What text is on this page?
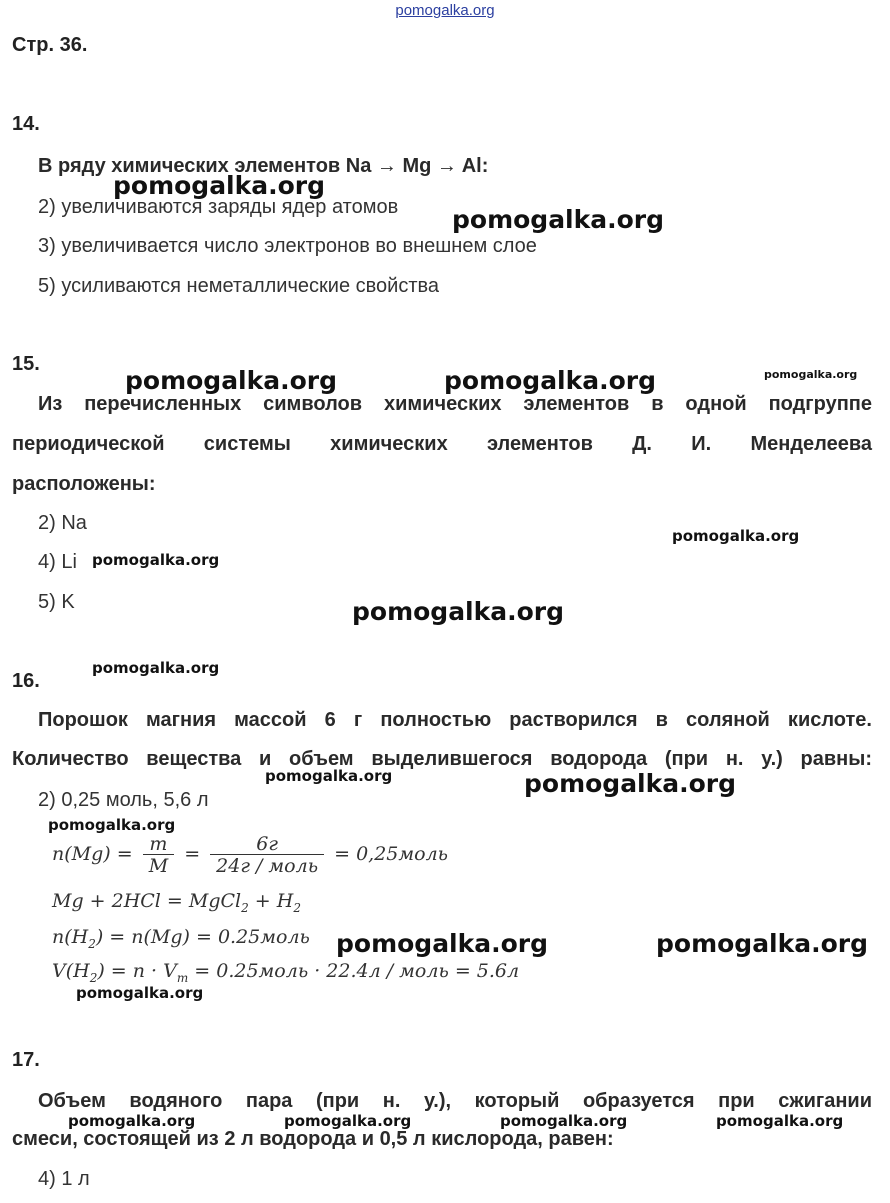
pomogalka.org
Стр. 36.
14.
В ряду химических элементов Na → Mg → Al:
2) увеличиваются заряды ядер атомов
3) увеличивается число электронов во внешнем слое
5) усиливаются неметаллические свойства
15.
Из перечисленных символов химических элементов в одной подгруппе
периодической системы химических элементов Д. И. Менделеева
расположены:
2) Na
4) Li
5) K
16.
Порошок магния массой 6 г полностью растворился в соляной кислоте.
Количество вещества и объем выделившегося водорода (при н. у.) равны:
2) 0,25 моль, 5,6 л
$n(Mg) = \frac{m}{M} = \frac{6г}{\text{24г / моль}}$ = 0,25моль
Mg + 2HCl = MgCl$_2$ + $H_2$
$n(H_2) = n(Mg)$ = 0.25моль
$V(H_2) = n \cdot V_m$ = 0.25моль · 22.4л / моль = 5.6л
17.
Объем водяного пара (при н. у.), который образуется при сжигании
смеси, состоящей из 2 л водорода и 0,5 л кислорода, равен:
4) 1 л
pomogalka.org
pomogalka.org
pomogalka.org	pomogalka.org	pomogalka.org
pomogalka.org
pomogalka.org
pomogalka.org
pomogalka.org
pomogalka.org	pomogalka.org
pomogalka.org
pomogalka.org	pomogalka.org
pomogalka.org
pomogalka.org	pomogalka.org	pomogalka.org	pomogalka.org
